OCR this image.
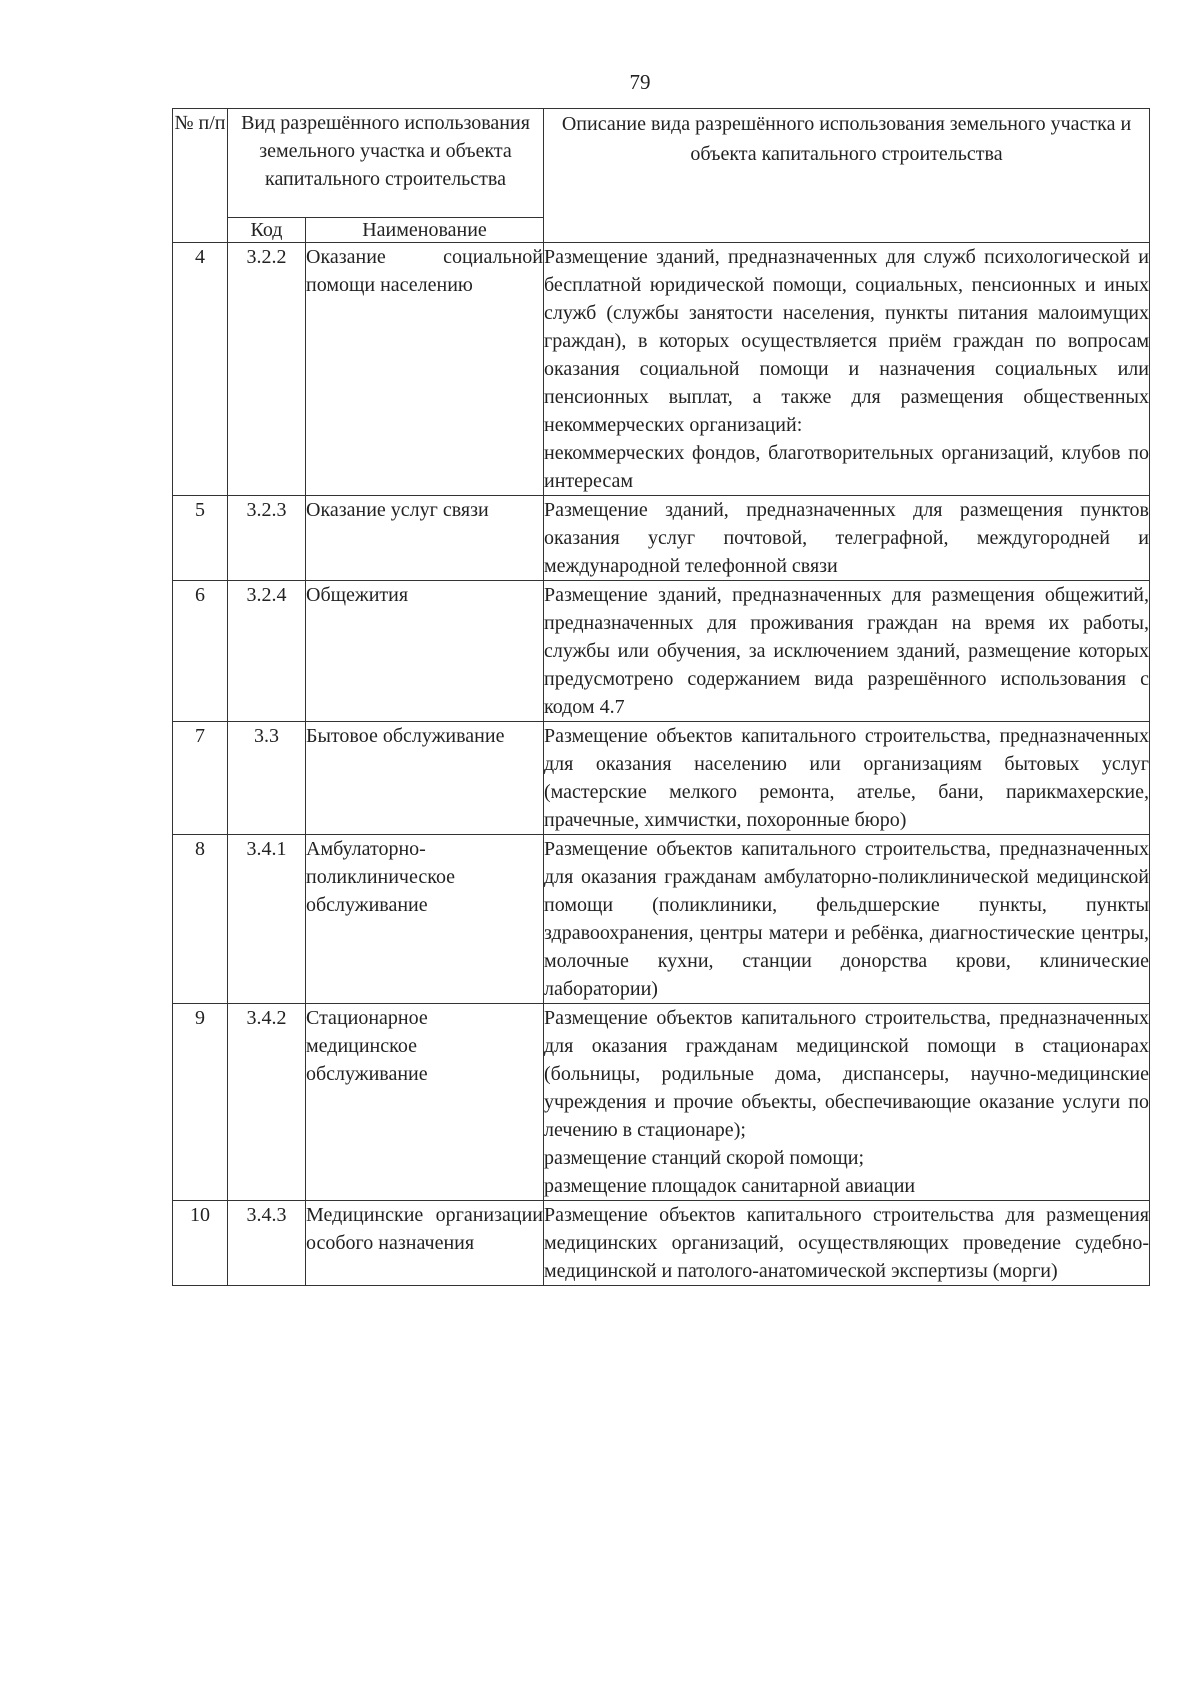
79
№ п/п	Вид разрешённого использования земельного участка и объекта капитального строительства		Описание вида разрешённого использования земельного участка и объекта капитального строительства
	Код	Наименование	
4	3.2.2	Оказание социальной помощи населению	Размещение зданий, предназначенных для служб психологической и бесплатной юридической помощи, социальных, пенсионных и иных служб (службы занятости населения, пункты питания малоимущих граждан), в которых осуществляется приём граждан по вопросам оказания социальной помощи и назначения социальных или пенсионных выплат, а также для размещения общественных некоммерческих организаций:
некоммерческих фондов, благотворительных организаций, клубов по интересам

5	3.2.3	Оказание услуг связи	Размещение зданий, предназначенных для размещения пунктов оказания услуг почтовой, телеграфной, междугородней и международной телефонной связи

6	3.2.4	Общежития	Размещение зданий, предназначенных для размещения общежитий, предназначенных для проживания граждан на время их работы, службы или обучения, за исключением зданий, размещение которых предусмотрено содержанием вида разрешённого использования с кодом 4.7

7	3.3	Бытовое обслуживание	Размещение объектов капитального строительства, предназначенных для оказания населению или организациям бытовых услуг (мастерские мелкого ремонта, ателье, бани, парикмахерские, прачечные, химчистки, похоронные бюро)

8	3.4.1	Амбулаторно-поликлиническое обслуживание	Размещение объектов капитального строительства, предназначенных для оказания гражданам амбулаторно-поликлинической медицинской помощи (поликлиники, фельдшерские пункты, пункты здравоохранения, центры матери и ребёнка, диагностические центры, молочные кухни, станции донорства крови, клинические лаборатории)

9	3.4.2	Стационарное медицинское обслуживание	Размещение объектов капитального строительства, предназначенных для оказания гражданам медицинской помощи в стационарах (больницы, родильные дома, диспансеры, научно-медицинские учреждения и прочие объекты, обеспечивающие оказание услуги по лечению в стационаре);
размещение станций скорой помощи;
размещение площадок санитарной авиации

10	3.4.3	Медицинские организации особого назначения	Размещение объектов капитального строительства для размещения медицинских организаций, осуществляющих проведение судебно-медицинской и патолого-анатомической экспертизы (морги)
